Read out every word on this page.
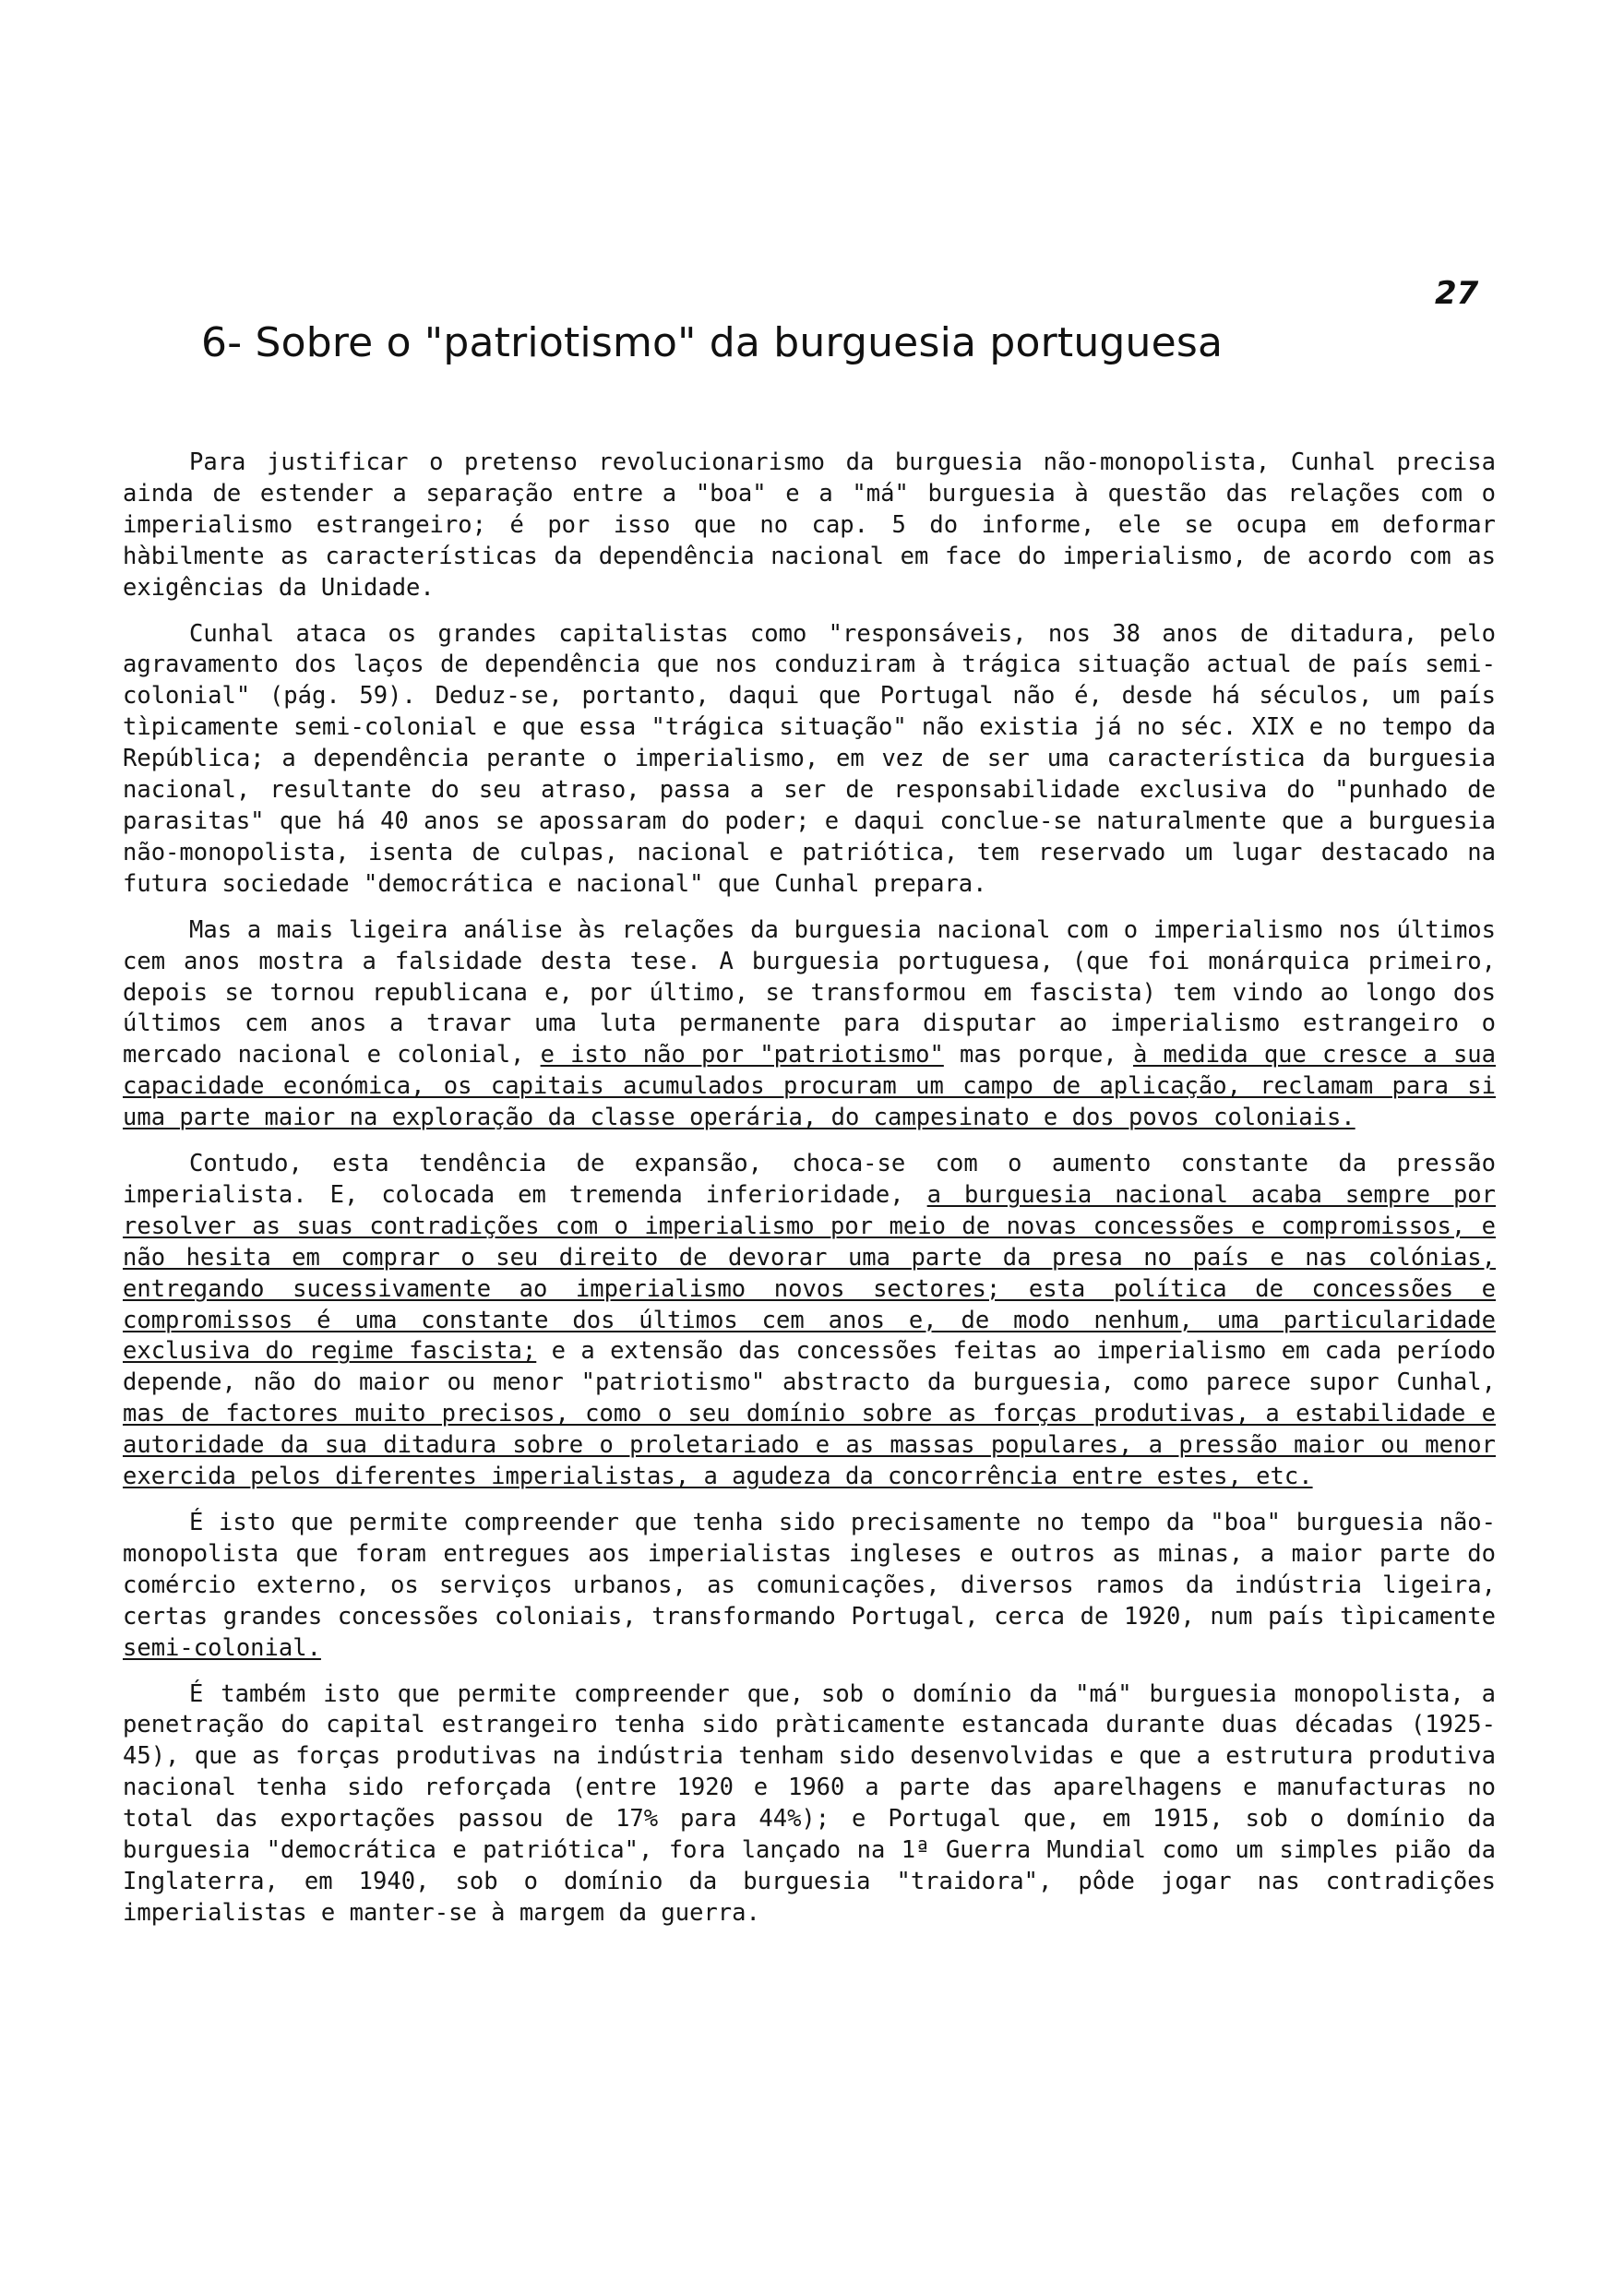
27
6- Sobre o "patriotismo" da burguesia portuguesa

Para justificar o pretenso revolucionarismo da burguesia não-monopolista, Cunhal precisa ainda de estender a separação entre a "boa" e a "má" burguesia à questão das relações com o imperialismo estrangeiro; é por isso que no cap. 5 do informe, ele se ocupa em deformar hàbilmente as características da dependência nacional em face do imperialismo, de acordo com as exigências da Unidade.

Cunhal ataca os grandes capitalistas como "responsáveis, nos 38 anos de ditadura, pelo agravamento dos laços de dependência que nos conduziram à trágica situação actual de país semi-colonial" (pág. 59). Deduz-se, portanto, daqui que Portugal não é, desde há séculos, um país tìpicamente semi-colonial e que essa "trágica situação" não existia já no séc. XIX e no tempo da República; a dependência perante o imperialismo, em vez de ser uma característica da burguesia nacional, resultante do seu atraso, passa a ser de responsabilidade exclusiva do "punhado de parasitas" que há 40 anos se apossaram do poder; e daqui conclue-se naturalmente que a burguesia não-monopolista, isenta de culpas, nacional e patriótica, tem reservado um lugar destacado na futura sociedade "democrática e nacional" que Cunhal prepara.

Mas a mais ligeira análise às relações da burguesia nacional com o imperialismo nos últimos cem anos mostra a falsidade desta tese. A burguesia portuguesa, (que foi monárquica primeiro, depois se tornou republicana e, por último, se transformou em fascista) tem vindo ao longo dos últimos cem anos a travar uma luta permanente para disputar ao imperialismo estrangeiro o mercado nacional e colonial, e isto não por "patriotismo" mas porque, à medida que cresce a sua capacidade económica, os capitais acumulados procuram um campo de aplicação, reclamam para si uma parte maior na exploração da classe operária, do campesinato e dos povos coloniais.

Contudo, esta tendência de expansão, choca-se com o aumento constante da pressão imperialista. E, colocada em tremenda inferioridade, a burguesia nacional acaba sempre por resolver as suas contradições com o imperialismo por meio de novas concessões e compromissos, e não hesita em comprar o seu direito de devorar uma parte da presa no país e nas colónias, entregando sucessivamente ao imperialismo novos sectores; esta política de concessões e compromissos é uma constante dos últimos cem anos e, de modo nenhum, uma particularidade exclusiva do regime fascista; e a extensão das concessões feitas ao imperialismo em cada período depende, não do maior ou menor "patriotismo" abstracto da burguesia, como parece supor Cunhal, mas de factores muito precisos, como o seu domínio sobre as forças produtivas, a estabilidade e autoridade da sua ditadura sobre o proletariado e as massas populares, a pressão maior ou menor exercida pelos diferentes imperialistas, a agudeza da concorrência entre estes, etc.

É isto que permite compreender que tenha sido precisamente no tempo da "boa" burguesia não-monopolista que foram entregues aos imperialistas ingleses e outros as minas, a maior parte do comércio externo, os serviços urbanos, as comunicações, diversos ramos da indústria ligeira, certas grandes concessões coloniais, transformando Portugal, cerca de 1920, num país tìpicamente semi-colonial.

É também isto que permite compreender que, sob o domínio da "má" burguesia monopolista, a penetração do capital estrangeiro tenha sido pràticamente estancada durante duas décadas (1925-45), que as forças produtivas na indústria tenham sido desenvolvidas e que a estrutura produtiva nacional tenha sido reforçada (entre 1920 e 1960 a parte das aparelhagens e manufacturas no total das exportações passou de 17% para 44%); e Portugal que, em 1915, sob o domínio da burguesia "democrática e patriótica", fora lançado na 1ª Guerra Mundial como um simples pião da Inglaterra, em 1940, sob o domínio da burguesia "traidora", pôde jogar nas contradições imperialistas e manter-se à margem da guerra.
